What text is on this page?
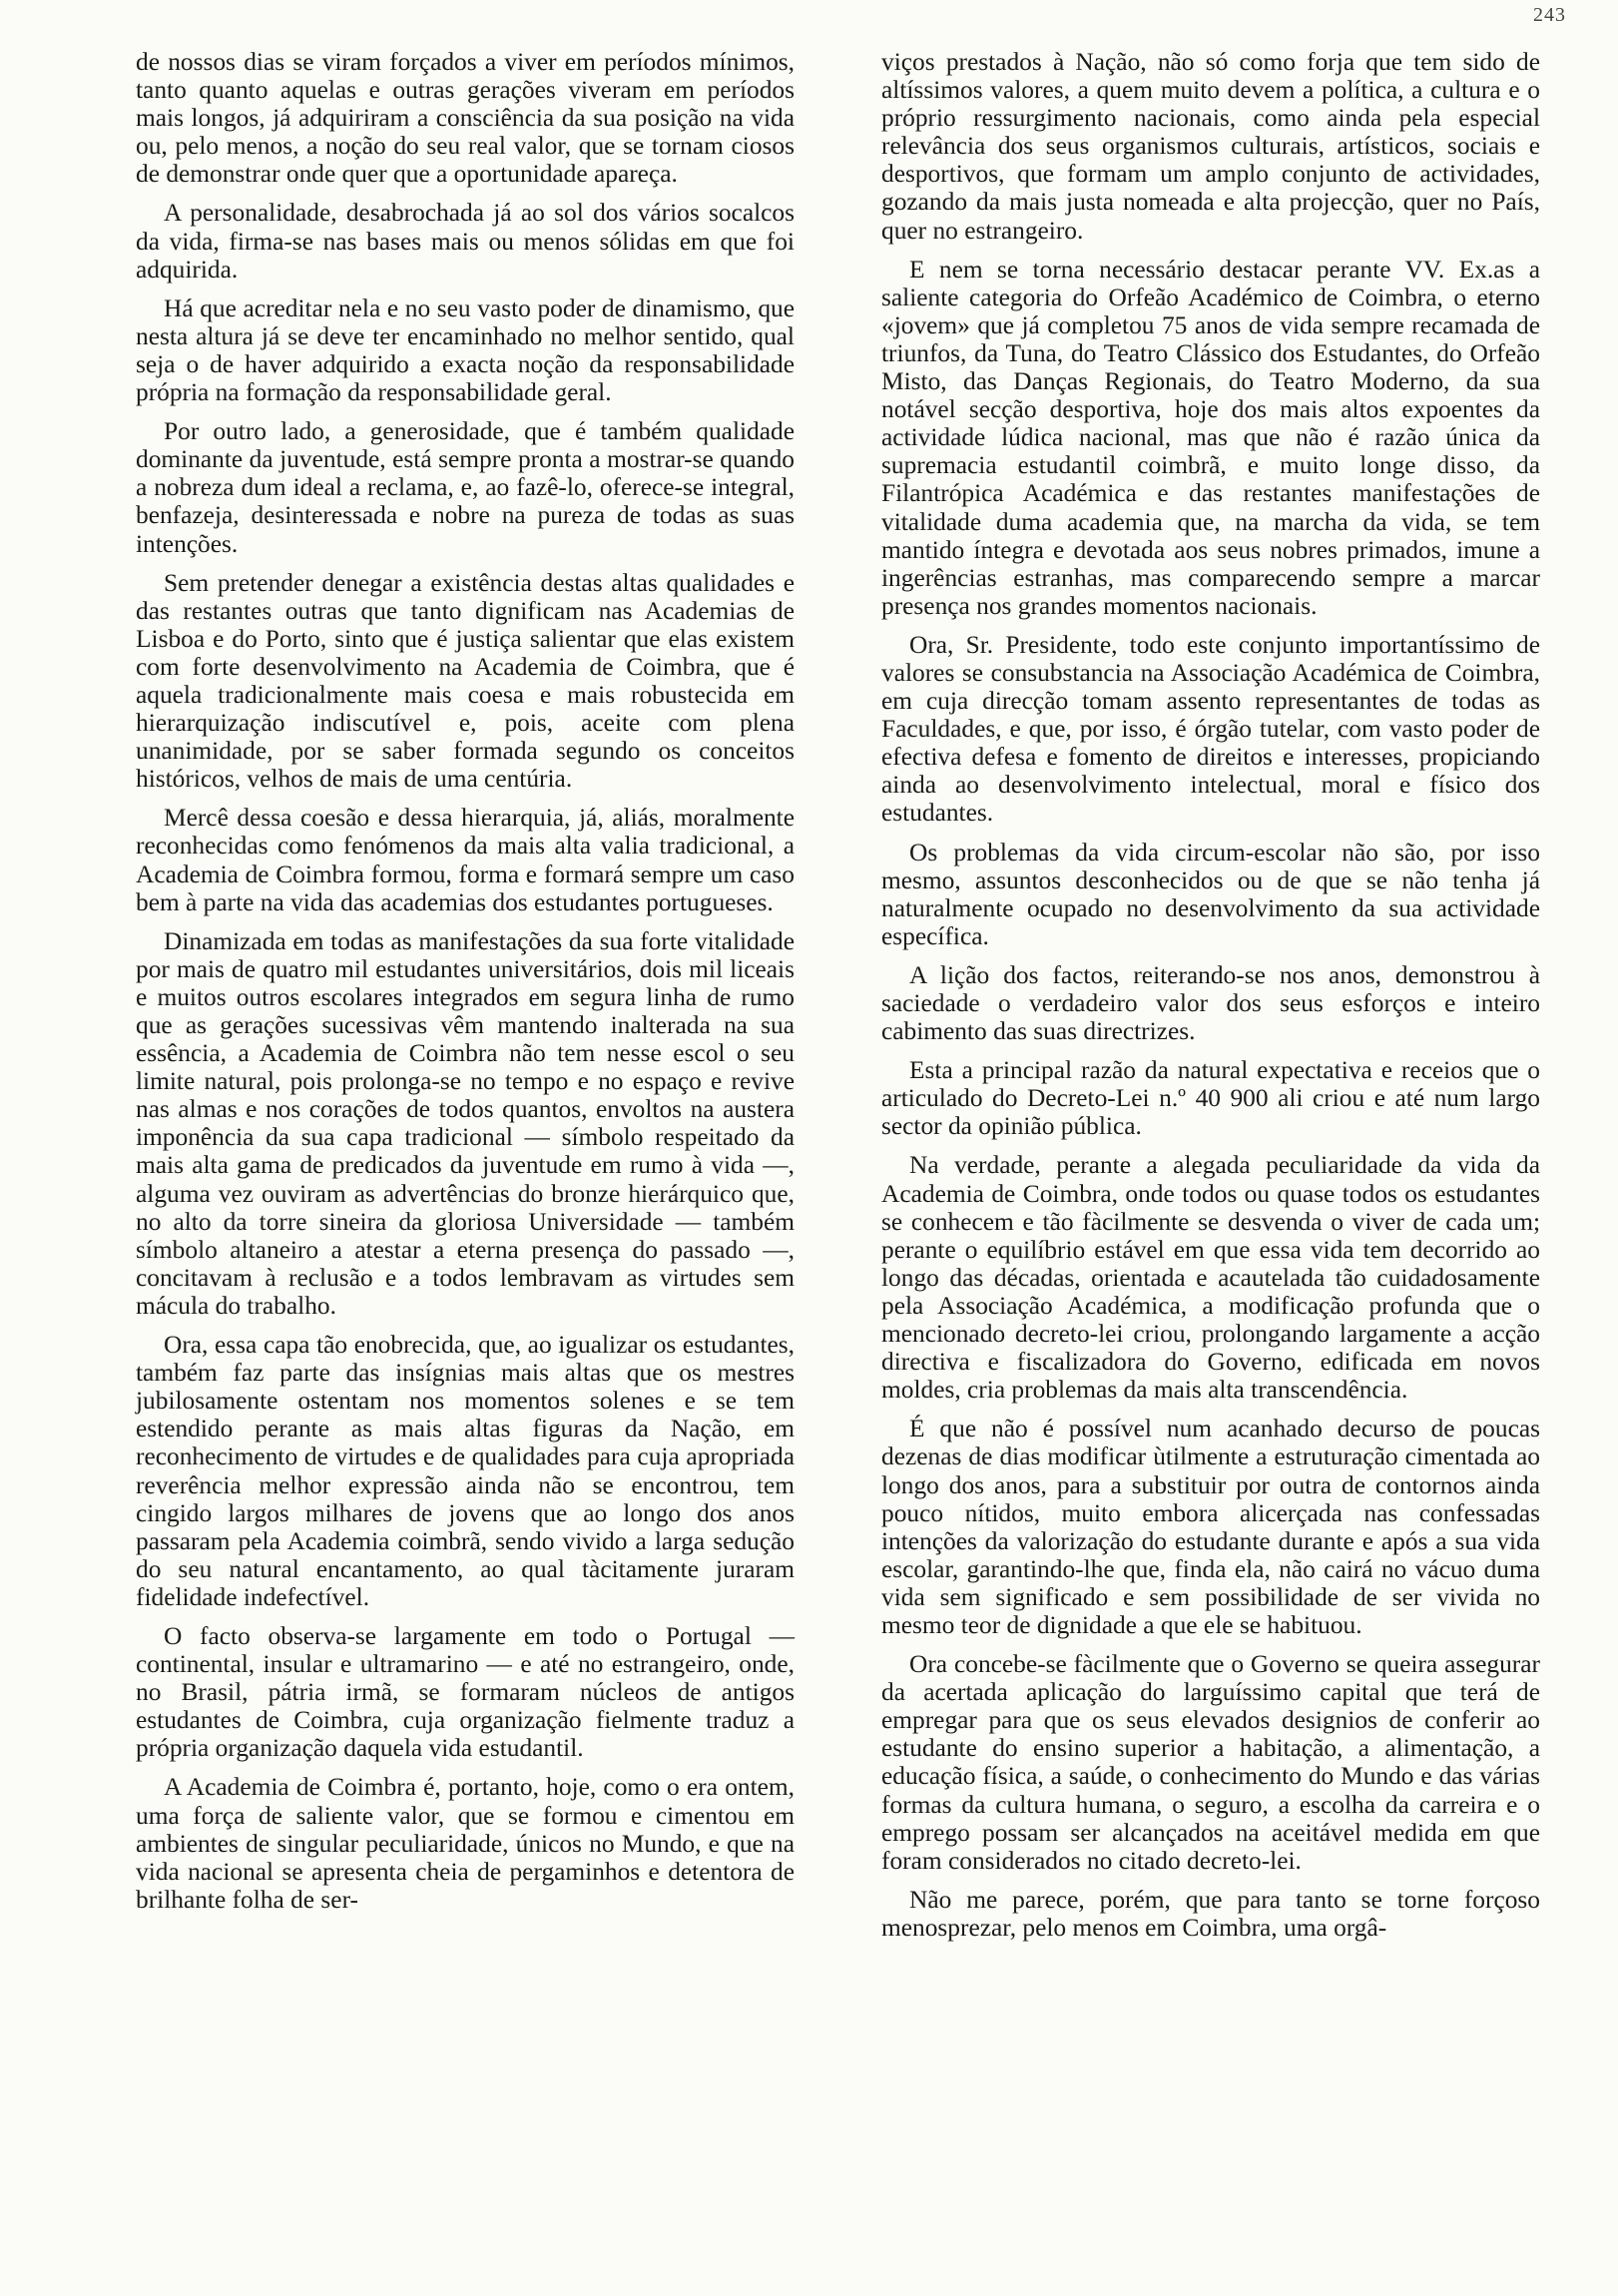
243

de nossos dias se viram forçados a viver em períodos mínimos, tanto quanto aquelas e outras gerações viveram em períodos mais longos, já adquiriram a consciência da sua posição na vida ou, pelo menos, a noção do seu real valor, que se tornam ciosos de demonstrar onde quer que a oportunidade apareça.

A personalidade, desabrochada já ao sol dos vários socalcos da vida, firma-se nas bases mais ou menos sólidas em que foi adquirida.

Há que acreditar nela e no seu vasto poder de dinamismo, que nesta altura já se deve ter encaminhado no melhor sentido, qual seja o de haver adquirido a exacta noção da responsabilidade própria na formação da responsabilidade geral.

Por outro lado, a generosidade, que é também qualidade dominante da juventude, está sempre pronta a mostrar-se quando a nobreza dum ideal a reclama, e, ao fazê-lo, oferece-se integral, benfazeja, desinteressada e nobre na pureza de todas as suas intenções.

Sem pretender denegar a existência destas altas qualidades e das restantes outras que tanto dignificam nas Academias de Lisboa e do Porto, sinto que é justiça salientar que elas existem com forte desenvolvimento na Academia de Coimbra, que é aquela tradicionalmente mais coesa e mais robustecida em hierarquização indiscutível e, pois, aceite com plena unanimidade, por se saber formada segundo os conceitos históricos, velhos de mais de uma centúria.

Mercê dessa coesão e dessa hierarquia, já, aliás, moralmente reconhecidas como fenómenos da mais alta valia tradicional, a Academia de Coimbra formou, forma e formará sempre um caso bem à parte na vida das academias dos estudantes portugueses.

Dinamizada em todas as manifestações da sua forte vitalidade por mais de quatro mil estudantes universitários, dois mil liceais e muitos outros escolares integrados em segura linha de rumo que as gerações sucessivas vêm mantendo inalterada na sua essência, a Academia de Coimbra não tem nesse escol o seu limite natural, pois prolonga-se no tempo e no espaço e revive nas almas e nos corações de todos quantos, envoltos na austera imponência da sua capa tradicional — símbolo respeitado da mais alta gama de predicados da juventude em rumo à vida —, alguma vez ouviram as advertências do bronze hierárquico que, no alto da torre sineira da gloriosa Universidade — também símbolo altaneiro a atestar a eterna presença do passado —, concitavam à reclusão e a todos lembravam as virtudes sem mácula do trabalho.

Ora, essa capa tão enobrecida, que, ao igualizar os estudantes, também faz parte das insígnias mais altas que os mestres jubilosamente ostentam nos momentos solenes e se tem estendido perante as mais altas figuras da Nação, em reconhecimento de virtudes e de qualidades para cuja apropriada reverência melhor expressão ainda não se encontrou, tem cingido largos milhares de jovens que ao longo dos anos passaram pela Academia coimbrã, sendo vivido a larga sedução do seu natural encantamento, ao qual tàcitamente juraram fidelidade indefectível.

O facto observa-se largamente em todo o Portugal — continental, insular e ultramarino — e até no estrangeiro, onde, no Brasil, pátria irmã, se formaram núcleos de antigos estudantes de Coimbra, cuja organização fielmente traduz a própria organização daquela vida estudantil.

A Academia de Coimbra é, portanto, hoje, como o era ontem, uma força de saliente valor, que se formou e cimentou em ambientes de singular peculiaridade, únicos no Mundo, e que na vida nacional se apresenta cheia de pergaminhos e detentora de brilhante folha de ser-

viços prestados à Nação, não só como forja que tem sido de altíssimos valores, a quem muito devem a política, a cultura e o próprio ressurgimento nacionais, como ainda pela especial relevância dos seus organismos culturais, artísticos, sociais e desportivos, que formam um amplo conjunto de actividades, gozando da mais justa nomeada e alta projecção, quer no País, quer no estrangeiro.

E nem se torna necessário destacar perante VV. Ex.as a saliente categoria do Orfeão Académico de Coimbra, o eterno «jovem» que já completou 75 anos de vida sempre recamada de triunfos, da Tuna, do Teatro Clássico dos Estudantes, do Orfeão Misto, das Danças Regionais, do Teatro Moderno, da sua notável secção desportiva, hoje dos mais altos expoentes da actividade lúdica nacional, mas que não é razão única da supremacia estudantil coimbrã, e muito longe disso, da Filantrópica Académica e das restantes manifestações de vitalidade duma academia que, na marcha da vida, se tem mantido íntegra e devotada aos seus nobres primados, imune a ingerências estranhas, mas comparecendo sempre a marcar presença nos grandes momentos nacionais.

Ora, Sr. Presidente, todo este conjunto importantíssimo de valores se consubstancia na Associação Académica de Coimbra, em cuja direcção tomam assento representantes de todas as Faculdades, e que, por isso, é órgão tutelar, com vasto poder de efectiva defesa e fomento de direitos e interesses, propiciando ainda ao desenvolvimento intelectual, moral e físico dos estudantes.

Os problemas da vida circum-escolar não são, por isso mesmo, assuntos desconhecidos ou de que se não tenha já naturalmente ocupado no desenvolvimento da sua actividade específica.

A lição dos factos, reiterando-se nos anos, demonstrou à saciedade o verdadeiro valor dos seus esforços e inteiro cabimento das suas directrizes.

Esta a principal razão da natural expectativa e receios que o articulado do Decreto-Lei n.º 40 900 ali criou e até num largo sector da opinião pública.

Na verdade, perante a alegada peculiaridade da vida da Academia de Coimbra, onde todos ou quase todos os estudantes se conhecem e tão fàcilmente se desvenda o viver de cada um; perante o equilíbrio estável em que essa vida tem decorrido ao longo das décadas, orientada e acautelada tão cuidadosamente pela Associação Académica, a modificação profunda que o mencionado decreto-lei criou, prolongando largamente a acção directiva e fiscalizadora do Governo, edificada em novos moldes, cria problemas da mais alta transcendência.

É que não é possível num acanhado decurso de poucas dezenas de dias modificar ùtilmente a estruturação cimentada ao longo dos anos, para a substituir por outra de contornos ainda pouco nítidos, muito embora alicerçada nas confessadas intenções da valorização do estudante durante e após a sua vida escolar, garantindo-lhe que, finda ela, não cairá no vácuo duma vida sem significado e sem possibilidade de ser vivida no mesmo teor de dignidade a que ele se habituou.

Ora concebe-se fàcilmente que o Governo se queira assegurar da acertada aplicação do larguíssimo capital que terá de empregar para que os seus elevados designios de conferir ao estudante do ensino superior a habitação, a alimentação, a educação física, a saúde, o conhecimento do Mundo e das várias formas da cultura humana, o seguro, a escolha da carreira e o emprego possam ser alcançados na aceitável medida em que foram considerados no citado decreto-lei.

Não me parece, porém, que para tanto se torne forçoso menosprezar, pelo menos em Coimbra, uma orgâ-
